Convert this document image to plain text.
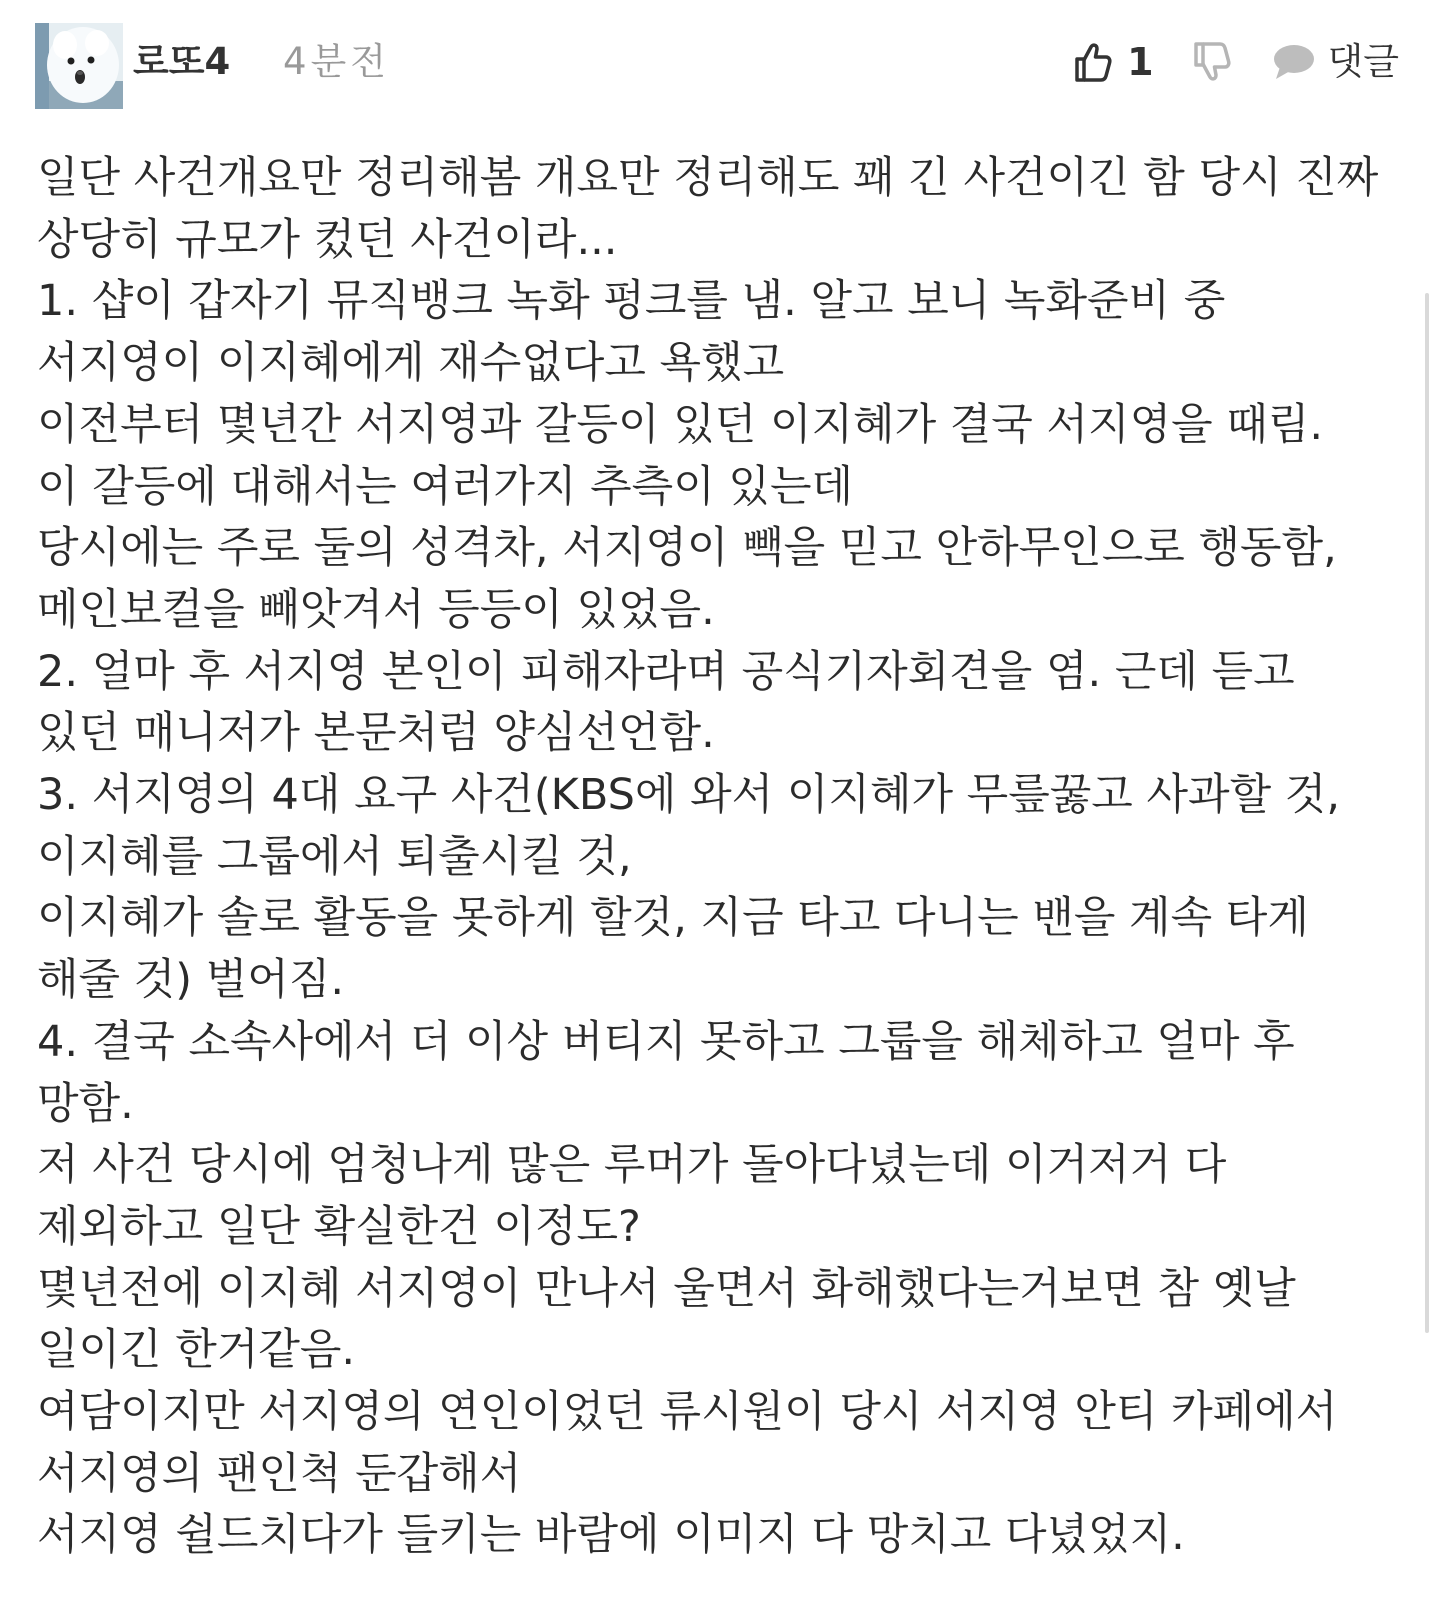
로또4 4분전	1	댓글

일단 사건개요만 정리해봄 개요만 정리해도 꽤 긴 사건이긴 함 당시 진짜 상당히 규모가 컸던 사건이라...
1. 샵이 갑자기 뮤직뱅크 녹화 펑크를 냄. 알고 보니 녹화준비 중 서지영이 이지혜에게 재수없다고 욕했고
이전부터 몇년간 서지영과 갈등이 있던 이지혜가 결국 서지영을 때림.
이 갈등에 대해서는 여러가지 추측이 있는데
당시에는 주로 둘의 성격차, 서지영이 빽을 믿고 안하무인으로 행동함, 메인보컬을 빼앗겨서 등등이 있었음.
2. 얼마 후 서지영 본인이 피해자라며 공식기자회견을 염. 근데 듣고 있던 매니저가 본문처럼 양심선언함.
3. 서지영의 4대 요구 사건(KBS에 와서 이지혜가 무릎꿇고 사과할 것, 이지혜를 그룹에서 퇴출시킬 것,
이지혜가 솔로 활동을 못하게 할것, 지금 타고 다니는 밴을 계속 타게 해줄 것) 벌어짐.
4. 결국 소속사에서 더 이상 버티지 못하고 그룹을 해체하고 얼마 후 망함.
저 사건 당시에 엄청나게 많은 루머가 돌아다녔는데 이거저거 다 제외하고 일단 확실한건 이정도?
몇년전에 이지혜 서지영이 만나서 울면서 화해했다는거보면 참 옛날 일이긴 한거같음.
여담이지만 서지영의 연인이었던 류시원이 당시 서지영 안티 카페에서 서지영의 팬인척 둔갑해서
서지영 쉴드치다가 들키는 바람에 이미지 다 망치고 다녔었지.
